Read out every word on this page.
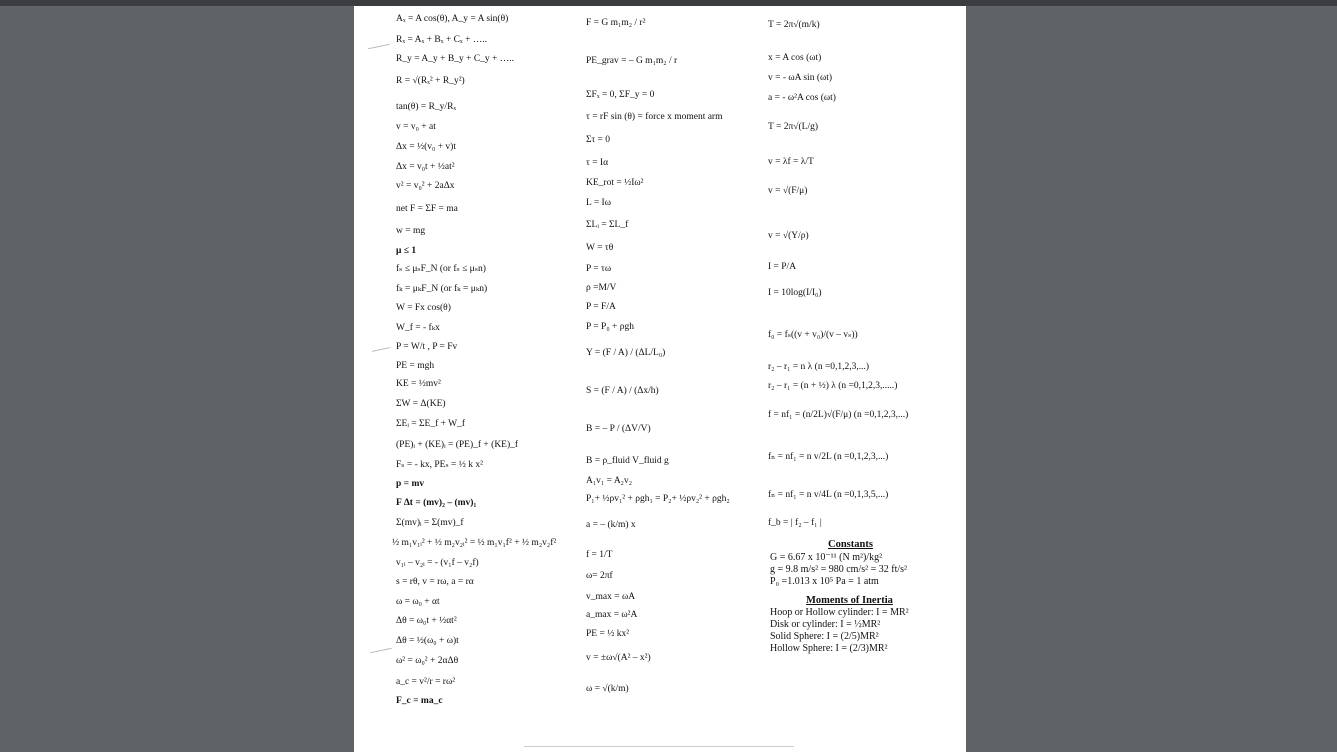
Aₓ = A cos(θ), A_y = A sin(θ)
Rₓ = Aₓ + Bₓ + Cₓ + …..
R_y = A_y + B_y + C_y + …..
R = √(Rₓ² + R_y²)
tan(θ) = R_y/Rₓ
v = v₀ + at
Δx = ½(v₀ + v)t
Δx = v₀t + ½at²
v² = v₀² + 2aΔx
net F = ΣF = ma
w = mg
μ ≤ 1
fₛ ≤ μₛF_N (or fₛ ≤ μₛn)
fₖ = μₖF_N (or fₖ = μₖn)
W = Fx cos(θ)
W_f = - fₖx
P = W/t , P = Fv
PE = mgh
KE = ½mv²
ΣW = Δ(KE)
ΣEᵢ = ΣE_f + W_f
(PE)ᵢ + (KE)ᵢ = (PE)_f + (KE)_f
Fₛ = - kx, PEₛ = ½ k x²
p = mv
F Δt = (mv)₂ – (mv)₁
Σ(mv)ᵢ = Σ(mv)_f
½ m₁v₁ᵢ² + ½ m₂v₂ᵢ² = ½ m₁v₁f² + ½ m₂v₂f²
v₁ᵢ – v₂ᵢ = - (v₁f – v₂f)
s = rθ, v = rω, a = rα
ω = ω₀ + αt
Δθ = ω₀t + ½αt²
Δθ = ½(ω₀ + ω)t
ω² = ω₀² + 2αΔθ
a_c = v²/r = rω²
F_c = ma_c
F = G m₁m₂ / r²
PE_grav = – G m₁m₂ / r
ΣFₓ = 0, ΣF_y = 0
τ = rF sin (θ) = force x moment arm
Στ = 0
τ = Iα
KE_rot = ½Iω²
L = Iω
ΣLᵢ = ΣL_f
W = τθ
P = τω
ρ =M/V
P = F/A
P = P₀ + ρgh
Y = (F / A) / (ΔL/L₀)
S = (F / A) / (Δx/h)
B = – P / (ΔV/V)
B = ρ_fluid V_fluid g
A₁v₁ = A₂v₂
P₁+ ½ρv₁² + ρgh₁ = P₂+ ½ρv₂² + ρgh₂
a = – (k/m) x
f = 1/T
ω= 2πf
v_max = ωA
a_max = ω²A
PE = ½ kx²
v = ±ω√(A² – x²)
ω = √(k/m)
Constants
G = 6.67 x 10⁻¹¹ (N m²)/kg²
g = 9.8 m/s² = 980 cm/s² = 32 ft/s²
P₀ =1.013 x 10⁵ Pa = 1 atm
Moments of Inertia
Hoop or Hollow cylinder: I = MR²
Disk or cylinder: I = ½MR²
Solid Sphere: I = (2/5)MR²
Hollow Sphere: I = (2/3)MR²
T = 2π√(m/k)
x = A cos (ωt)
v = - ωA sin (ωt)
a = - ω²A cos (ωt)
T = 2π√(L/g)
v = λf = λ/T
v = √(F/μ)
v = √(Y/ρ)
I = P/A
I = 10log(I/I₀)
f₀ = fₛ((v + v₀)/(v – vₛ))
r₂ – r₁ = n λ (n =0,1,2,3,...)
r₂ – r₁ = (n + ½) λ (n =0,1,2,3,.....)
f = nf₁ = (n/2L)√(F/μ) (n =0,1,2,3,...)
fₙ = nf₁ = n v/2L (n =0,1,2,3,...)
fₙ = nf₁ = n v/4L (n =0,1,3,5,...)
f_b = | f₂ – f₁ |
